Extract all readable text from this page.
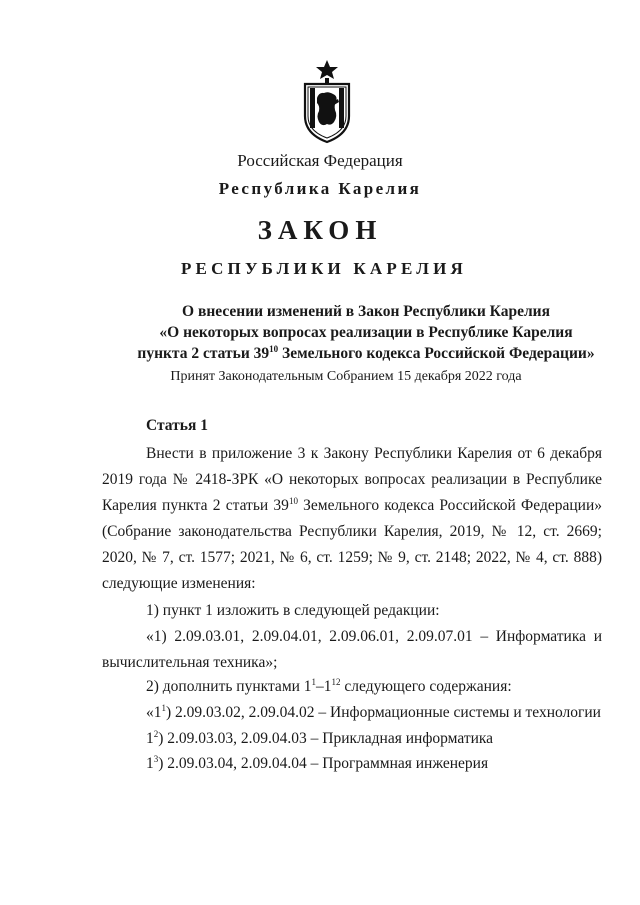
Российская Федерация
Республика Карелия
ЗАКОН
РЕСПУБЛИКИ КАРЕЛИЯ
О внесении изменений в Закон Республики Карелия
«О некоторых вопросах реализации в Республике Карелия
пункта 2 статьи $39^{10}$ Земельного кодекса Российской Федерации»
Принят Законодательным Собранием 15 декабря 2022 года
Статья 1
Внести в приложение 3 к Закону Республики Карелия от 6 декабря 2019 года № 2418-ЗРК «О некоторых вопросах реализации в Республике Карелия пункта 2 статьи $39^{10}$ Земельного кодекса Российской Федерации» (Собрание законодательства Республики Карелия, 2019, № 12, ст. 2669; 2020, № 7, ст. 1577; 2021, № 6, ст. 1259; № 9, ст. 2148; 2022, № 4, ст. 888) следующие изменения:
1) пункт 1 изложить в следующей редакции:
«1) 2.09.03.01, 2.09.04.01, 2.09.06.01, 2.09.07.01 – Информатика и вычислительная техника»;
2) дополнить пунктами $1^1-1^{12}$ следующего содержания:
«$1^1$) 2.09.03.02, 2.09.04.02 – Информационные системы и технологии
$1^2$) 2.09.03.03, 2.09.04.03 – Прикладная информатика
$1^3$) 2.09.03.04, 2.09.04.04 – Программная инженерия
